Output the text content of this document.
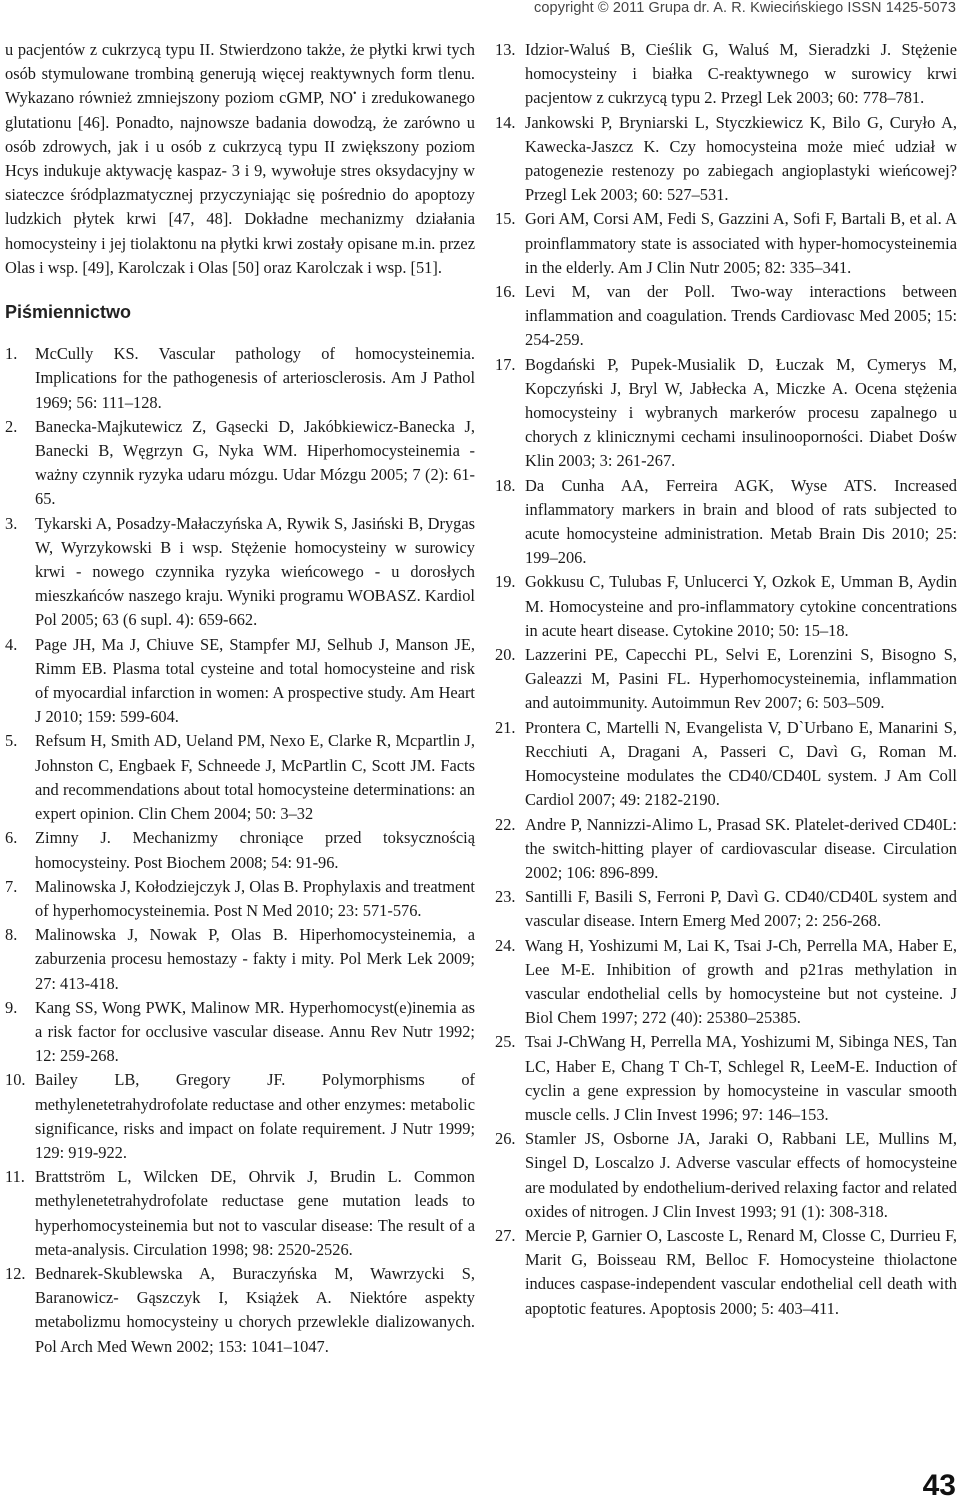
copyright © 2011 Grupa dr. A. R. Kwiecińskiego ISSN 1425-5073

u pacjentów z cukrzycą typu II. Stwierdzono także, że płytki krwi tych osób stymulowane trombiną generują więcej reaktywnych form tlenu. Wykazano również zmniejszony poziom cGMP, NO• i zredukowanego glutationu [46]. Ponadto, najnowsze badania dowodzą, że zarówno u osób zdrowych, jak i u osób z cukrzycą typu II zwiększony poziom Hcys indukuje aktywację kaspaz- 3 i 9, wywołuje stres oksydacyjny w siateczce śródplazmatycznej przyczyniając się pośrednio do apoptozy ludzkich płytek krwi [47, 48]. Dokładne mechanizmy działania homocysteiny i jej tiolaktonu na płytki krwi zostały opisane m.in. przez Olas i wsp. [49], Karolczak i Olas [50] oraz Karolczak i wsp. [51].

Piśmiennictwo
1.	McCully KS. Vascular pathology of homocysteinemia. Implications for the pathogenesis of arteriosclerosis. Am J Pathol 1969; 56: 111–128.
2.	Banecka-Majkutewicz Z, Gąsecki D, Jakóbkiewicz-Banecka J, Banecki B, Węgrzyn G, Nyka WM. Hiperhomocysteinemia - ważny czynnik ryzyka udaru mózgu. Udar Mózgu 2005; 7 (2): 61-65.
3.	Tykarski A, Posadzy-Małaczyńska A, Rywik S, Jasiński B, Drygas W, Wyrzykowski B i wsp. Stężenie homocysteiny w surowicy krwi - nowego czynnika ryzyka wieńcowego - u dorosłych mieszkańców naszego kraju. Wyniki programu WOBASZ. Kardiol Pol 2005; 63 (6 supl. 4): 659-662.
4.	Page JH, Ma J, Chiuve SE, Stampfer MJ, Selhub J, Manson JE, Rimm EB. Plasma total cysteine and total homocysteine and risk of myocardial infarction in women: A prospective study. Am Heart J 2010; 159: 599-604.
5.	Refsum H, Smith AD, Ueland PM, Nexo E, Clarke R, Mcpartlin J, Johnston C, Engbaek F, Schneede J, McPartlin C, Scott JM. Facts and recommendations about total homocysteine determinations: an expert opinion. Clin Chem 2004; 50: 3–32
6.	Zimny J. Mechanizmy chroniące przed toksycznością homocysteiny. Post Biochem 2008; 54: 91-96.
7.	Malinowska J, Kołodziejczyk J, Olas B. Prophylaxis and treatment of hyperhomocysteinemia. Post N Med 2010; 23: 571-576.
8.	Malinowska J, Nowak P, Olas B. Hiperhomocysteinemia, a zaburzenia procesu hemostazy - fakty i mity. Pol Merk Lek 2009; 27: 413-418.
9.	Kang SS, Wong PWK, Malinow MR. Hyperhomocyst(e)inemia as a risk factor for occlusive vascular disease. Annu Rev Nutr 1992; 12: 259-268.
10. Bailey LB, Gregory JF. Polymorphisms of methylenetetrahydrofolate reductase and other enzymes: metabolic significance, risks and impact on folate requirement. J Nutr 1999; 129: 919-922.
11. Brattström L, Wilcken DE, Ohrvik J, Brudin L. Common methylenetetrahydrofolate reductase gene mutation leads to hyperhomocysteinemia but not to vascular disease: The result of a meta-analysis. Circulation 1998; 98: 2520-2526.
12. Bednarek-Skublewska A, Buraczyńska M, Wawrzycki S, Baranowicz- Gąszczyk I, Książek A. Niektóre aspekty metabolizmu homocysteiny u chorych przewlekle dializowanych. Pol Arch Med Wewn 2002; 153: 1041–1047.
13. Idzior-Waluś B, Cieślik G, Waluś M, Sieradzki J. Stężenie homocysteiny i białka C-reaktywnego w surowicy krwi pacjentow z cukrzycą typu 2. Przegl Lek 2003; 60: 778–781.
14. Jankowski P, Bryniarski L, Styczkiewicz K, Bilo G, Curyło A, Kawecka-Jaszcz K. Czy homocysteina może mieć udział w patogenezie restenozy po zabiegach angioplastyki wieńcowej? Przegl Lek 2003; 60: 527–531.
15. Gori AM, Corsi AM, Fedi S, Gazzini A, Sofi F, Bartali B, et al. A proinflammatory state is associated with hyper-homocysteinemia in the elderly. Am J Clin Nutr 2005; 82: 335–341.
16. Levi M, van der Poll. Two-way interactions between inflammation and coagulation. Trends Cardiovasc Med 2005; 15: 254-259.
17. Bogdański P, Pupek-Musialik D, Łuczak M, Cymerys M, Kopczyński J, Bryl W, Jabłecka A, Miczke A. Ocena stężenia homocysteiny i wybranych markerów procesu zapalnego u chorych z klinicznymi cechami insulinooporności. Diabet Dośw Klin 2003; 3: 261-267.
18. Da Cunha AA, Ferreira AGK, Wyse ATS. Increased inflammatory markers in brain and blood of rats subjected to acute homocysteine administration. Metab Brain Dis 2010; 25: 199–206.
19. Gokkusu C, Tulubas F, Unlucerci Y, Ozkok E, Umman B, Aydin M. Homocysteine and pro-inflammatory cytokine concentrations in acute heart disease. Cytokine 2010; 50: 15–18.
20. Lazzerini PE, Capecchi PL, Selvi E, Lorenzini S, Bisogno S, Galeazzi M, Pasini FL. Hyperhomocysteinemia, inflammation and autoimmunity. Autoimmun Rev 2007; 6: 503–509.
21. Prontera C, Martelli N, Evangelista V, D`Urbano E, Manarini S, Recchiuti A, Dragani A, Passeri C, Davì G, Roman M. Homocysteine modulates the CD40/CD40L system. J Am Coll Cardiol 2007; 49: 2182-2190.
22. Andre P, Nannizzi-Alimo L, Prasad SK. Platelet-derived CD40L: the switch-hitting player of cardiovascular disease. Circulation 2002; 106: 896-899.
23. Santilli F, Basili S, Ferroni P, Davì G. CD40/CD40L system and vascular disease. Intern Emerg Med 2007; 2: 256-268.
24. Wang H, Yoshizumi M, Lai K, Tsai J-Ch, Perrella MA, Haber E, Lee M-E. Inhibition of growth and p21ras methylation in vascular endothelial cells by homocysteine but not cysteine. J Biol Chem 1997; 272 (40): 25380–25385.
25. Tsai J-ChWang H, Perrella MA, Yoshizumi M, Sibinga NES, Tan LC, Haber E, Chang T Ch-T, Schlegel R, LeeM-E. Induction of cyclin a gene expression by homocysteine in vascular smooth muscle cells. J Clin Invest 1996; 97: 146–153.
26. Stamler JS, Osborne JA, Jaraki O, Rabbani LE, Mullins M, Singel D, Loscalzo J. Adverse vascular effects of homocysteine are modulated by endothelium-derived relaxing factor and related oxides of nitrogen. J Clin Invest 1993; 91 (1): 308-318.
27. Mercie P, Garnier O, Lascoste L, Renard M, Closse C, Durrieu F, Marit G, Boisseau RM, Belloc F. Homocysteine thiolactone induces caspase-independent vascular endothelial cell death with apoptotic features. Apoptosis 2000; 5: 403–411.
43
